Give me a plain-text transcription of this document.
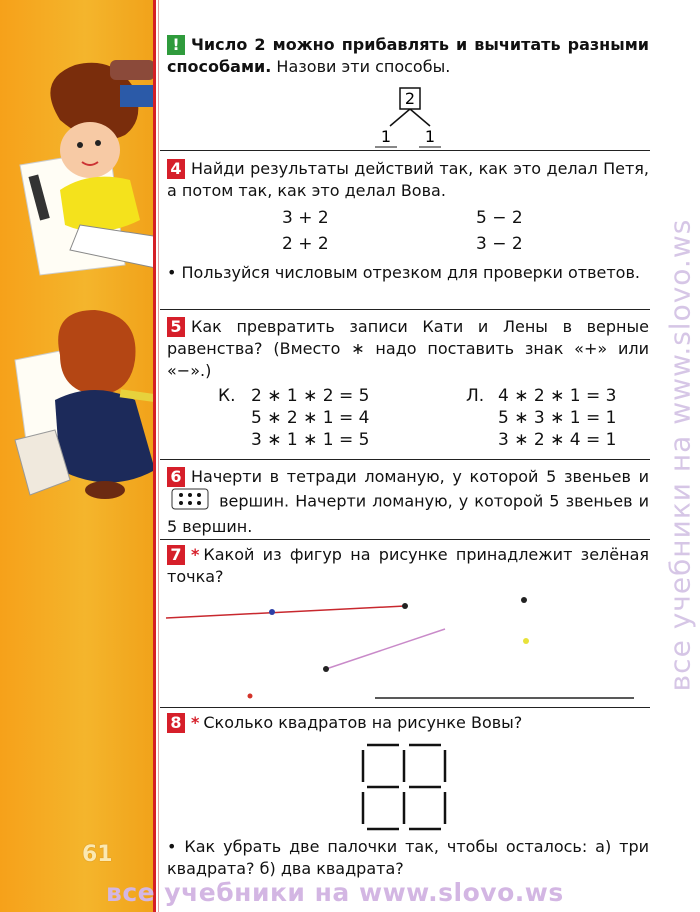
61
! Число 2 можно прибавлять и вычитать разными способами. Назови эти способы.
2
1 1
4 Найди результаты действий так, как это делал Петя, а потом так, как это делал Вова.
3 + 2
2 + 2
5 − 2
3 − 2
• Пользуйся числовым отрезком для проверки ответов.
5 Как превратить записи Кати и Лены в верные равенства? (Вместо ∗ надо поставить знак «+» или «−».)
К. 2 ∗ 1 ∗ 2 = 5
5 ∗ 2 ∗ 1 = 4
3 ∗ 1 ∗ 1 = 5
Л. 4 ∗ 2 ∗ 1 = 3
5 ∗ 3 ∗ 1 = 1
3 ∗ 2 ∗ 4 = 1
6 Начерти в тетради ломаную, у которой 5 звеньев и  вершин. Начерти ломаную, у которой 5 звеньев и 5 вершин.
7 * Какой из фигур на рисунке принадлежит зелёная точка?
8 * Сколько квадратов на рисунке Вовы?
• Как убрать две палочки так, чтобы осталось: а) три квадрата? б) два квадрата?
все учебники на www.slovo.ws
все учебники на www.slovo.ws
